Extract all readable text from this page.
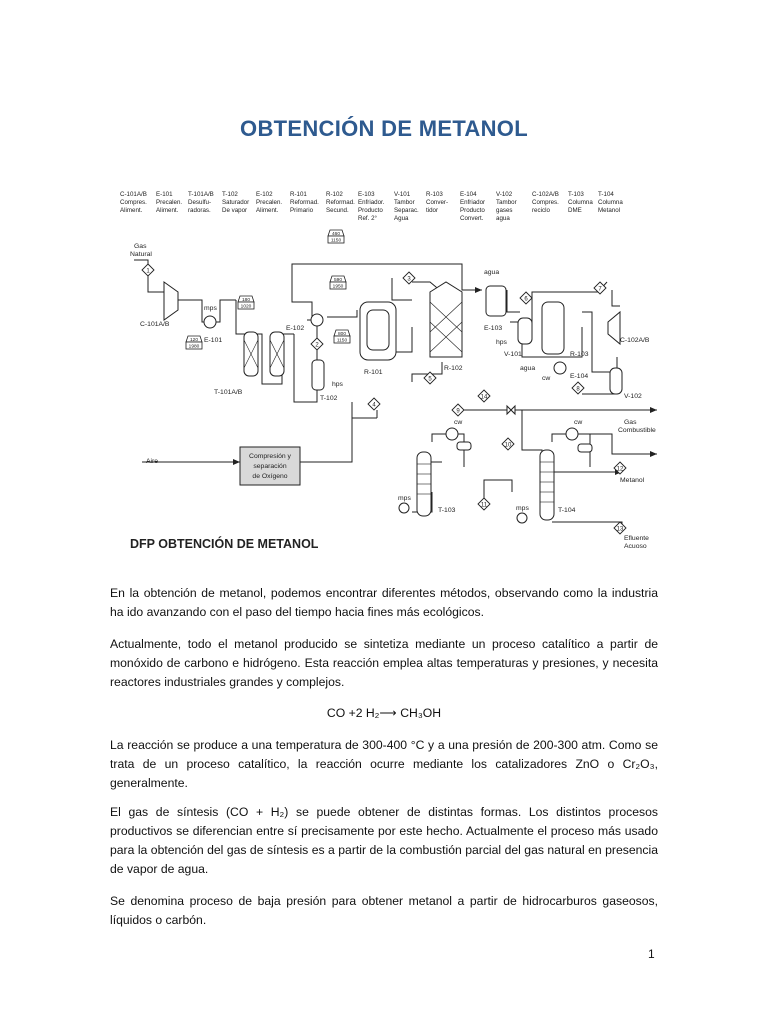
OBTENCIÓN DE METANOL
C-101A/B
Compres.
Aliment.
E-101
Precalen.
Aliment.
T-101A/B
Desulfu-
radoras.
T-102
Saturador
De vapor
E-102
Precalen.
Aliment.
R-101
Reformad.
Primario
R-102
Reformad.
Secund.
E-103
Enfriador.
Producto
Ref. 2°
V-101
Tambor
Separac.
Agua
R-103
Conver-
tidor
E-104
Enfriador
Producto
Convert.
V-102
Tambor
gases
agua
C-102A/B
Compres.
reciclo
T-103
Columna
DME
T-104
Columna
Metanol
1
2
3
4
5
6
7
8
9
10
11
12
13
14
460
1150
180
1020
120
1980
590
1950
800
1150
Gas
Natural
C-101A/B
mps
E-101
T-101A/B
E-102
T-102
hps
R-101
R-102
agua
E-103
hps
V-101
agua
R-103
cw	E-104
C-102A/B
V-102
Aire
Compresión y
separación
de Oxígeno
cw	cw	Gas
Combustible
Metanol
mps
T-103	mps	T-104
Efluente
Acuoso
DFP OBTENCIÓN DE METANOL

En la obtención de metanol, podemos encontrar diferentes métodos, observando como la industria ha ido avanzando con el paso del tiempo hacia fines más ecológicos.

Actualmente, todo el metanol producido se sintetiza mediante un proceso catalítico a partir de monóxido de carbono e hidrógeno. Esta reacción emplea altas temperaturas y presiones, y necesita reactores industriales grandes y complejos.

CO +2 H₂⟶ CH₃OH

La reacción se produce a una temperatura de 300-400 °C y a una presión de 200-300 atm. Como se trata de un proceso catalítico, la reacción ocurre mediante los catalizadores ZnO o Cr₂O₃, generalmente.

El gas de síntesis (CO + H₂) se puede obtener de distintas formas. Los distintos procesos productivos se diferencian entre sí precisamente por este hecho. Actualmente el proceso más usado para la obtención del gas de síntesis es a partir de la combustión parcial del gas natural en presencia de vapor de agua.

Se denomina proceso de baja presión para obtener metanol a partir de hidrocarburos gaseosos, líquidos o carbón.

1
